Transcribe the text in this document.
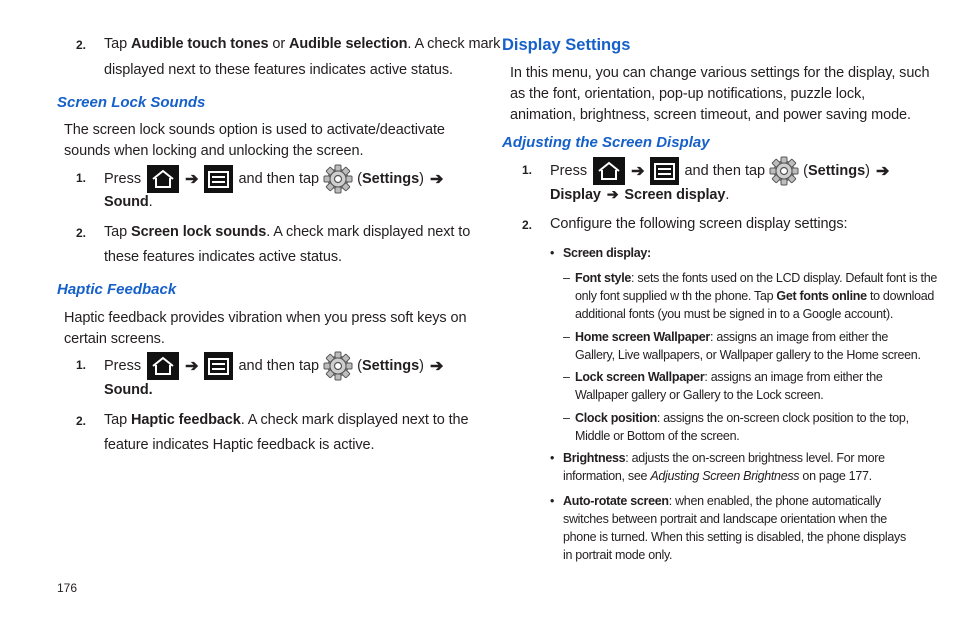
2. Tap Audible touch tones or Audible selection. A check mark
displayed next to these features indicates active status.
Screen Lock Sounds
The screen lock sounds option is used to activate/deactivate
sounds when locking and unlocking the screen.
1. Press	➔	and then tap	( Settings ) ➔
Sound.
2. Tap Screen lock sounds. A check mark displayed next to
these features indicates active status.
Haptic Feedback
Haptic feedback provides vibration when you press soft keys on
certain screens.
1. Press	➔	and then tap	( Settings ) ➔
Sound.
2. Tap Haptic feedback. A check mark displayed next to the
feature indicates Haptic feedback is active.
Display Settings
In this menu, you can change various settings for the display, such
as the font, orientation, pop-up notifications, puzzle lock,
animation, brightness, screen timeout, and power saving mode.
Adjusting the Screen Display
1. Press	➔	and then tap	( Settings ) ➔
Display ➔ Screen display.
2. Configure the following screen display settings:
• Screen display:
– Font style: sets the fonts used on the LCD display. Default font is the
only font supplied w th the phone. Tap Get fonts online to download
additional fonts (you must be signed in to a Google account).
– Home screen Wallpaper: assigns an image from either the
Gallery, Live wallpapers, or Wallpaper gallery to the Home screen.
– Lock screen Wallpaper: assigns an image from either the
Wallpaper gallery or Gallery to the Lock screen.
– Clock position: assigns the on-screen clock position to the top,
Middle or Bottom of the screen.
• Brightness: adjusts the on-screen brightness level. For more
information, see Adjusting Screen Brightness on page 177.
• Auto-rotate screen: when enabled, the phone automatically
switches between portrait and landscape orientation when the
phone is turned. When this setting is disabled, the phone displays
in portrait mode only.
176
